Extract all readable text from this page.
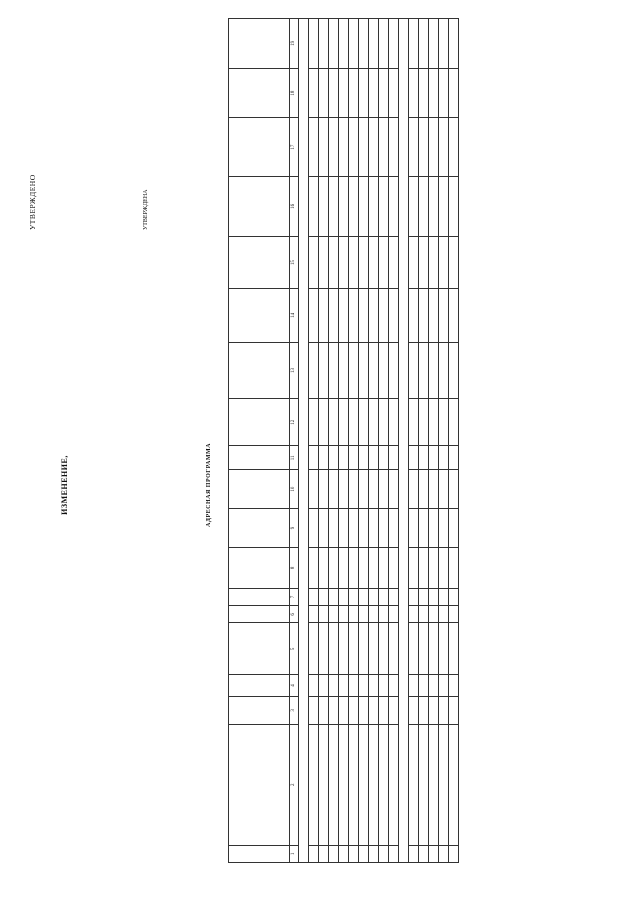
УТВЕРЖДЕНО	УТВЕРЖДЕНА
ИЗМЕНЕНИЕ,	АДРЕСНАЯ ПРОГРАММА

1	2	3	4	5	6	7	8	9	10	11	12	13	14	15	16	17	18	19
